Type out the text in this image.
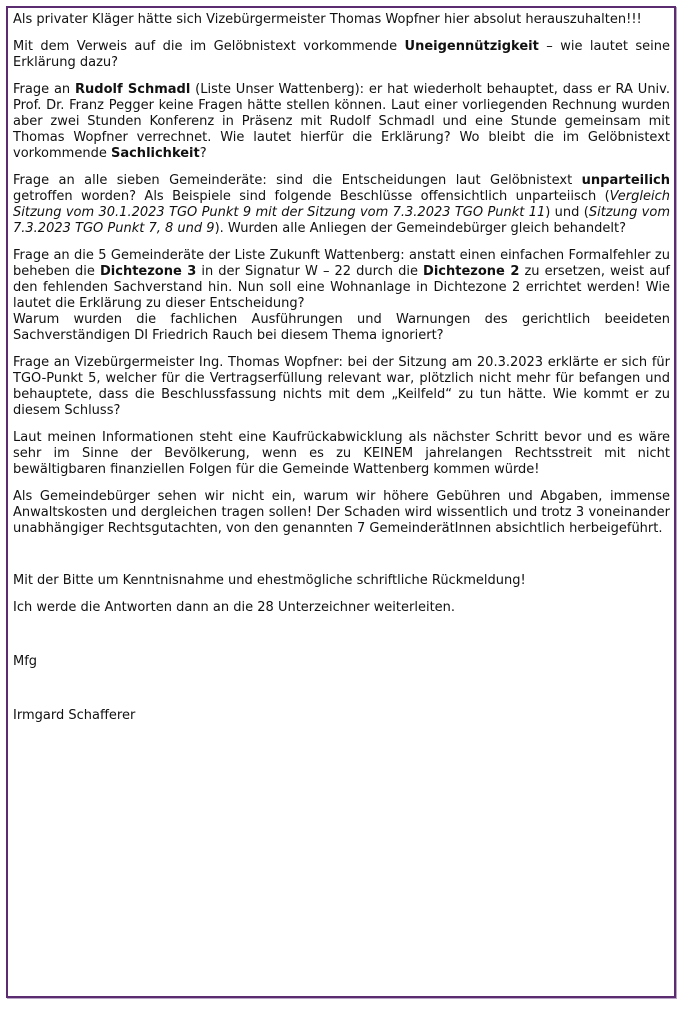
Als privater Kläger hätte sich Vizebürgermeister Thomas Wopfner hier absolut herauszuhalten!!!

Mit dem Verweis auf die im Gelöbnistext vorkommende Uneigennützigkeit – wie lautet seine Erklärung dazu?

Frage an Rudolf Schmadl (Liste Unser Wattenberg): er hat wiederholt behauptet, dass er RA Univ. Prof. Dr. Franz Pegger keine Fragen hätte stellen können. Laut einer vorliegenden Rechnung wurden aber zwei Stunden Konferenz in Präsenz mit Rudolf Schmadl und eine Stunde gemeinsam mit Thomas Wopfner verrechnet. Wie lautet hierfür die Erklärung? Wo bleibt die im Gelöbnistext vorkommende Sachlichkeit?

Frage an alle sieben Gemeinderäte: sind die Entscheidungen laut Gelöbnistext unparteilich getroffen worden? Als Beispiele sind folgende Beschlüsse offensichtlich unparteiisch (Vergleich Sitzung vom 30.1.2023 TGO Punkt 9 mit der Sitzung vom 7.3.2023 TGO Punkt 11) und (Sitzung vom 7.3.2023 TGO Punkt 7, 8 und 9). Wurden alle Anliegen der Gemeindebürger gleich behandelt?

Frage an die 5 Gemeinderäte der Liste Zukunft Wattenberg: anstatt einen einfachen Formalfehler zu beheben die Dichtezone 3 in der Signatur W – 22 durch die Dichtezone 2 zu ersetzen, weist auf den fehlenden Sachverstand hin. Nun soll eine Wohnanlage in Dichtezone 2 errichtet werden! Wie lautet die Erklärung zu dieser Entscheidung?
Warum wurden die fachlichen Ausführungen und Warnungen des gerichtlich beeideten Sachverständigen DI Friedrich Rauch bei diesem Thema ignoriert?

Frage an Vizebürgermeister Ing. Thomas Wopfner: bei der Sitzung am 20.3.2023 erklärte er sich für TGO-Punkt 5, welcher für die Vertragserfüllung relevant war, plötzlich nicht mehr für befangen und behauptete, dass die Beschlussfassung nichts mit dem „Keilfeld“ zu tun hätte. Wie kommt er zu diesem Schluss?

Laut meinen Informationen steht eine Kaufrückabwicklung als nächster Schritt bevor und es wäre sehr im Sinne der Bevölkerung, wenn es zu KEINEM jahrelangen Rechtsstreit mit nicht bewältigbaren finanziellen Folgen für die Gemeinde Wattenberg kommen würde!

Als Gemeindebürger sehen wir nicht ein, warum wir höhere Gebühren und Abgaben, immense Anwaltskosten und dergleichen tragen sollen! Der Schaden wird wissentlich und trotz 3 voneinander unabhängiger Rechtsgutachten, von den genannten 7 GemeinderätInnen absichtlich herbeigeführt.

Mit der Bitte um Kenntnisnahme und ehestmögliche schriftliche Rückmeldung!

Ich werde die Antworten dann an die 28 Unterzeichner weiterleiten.

Mfg

Irmgard Schafferer
